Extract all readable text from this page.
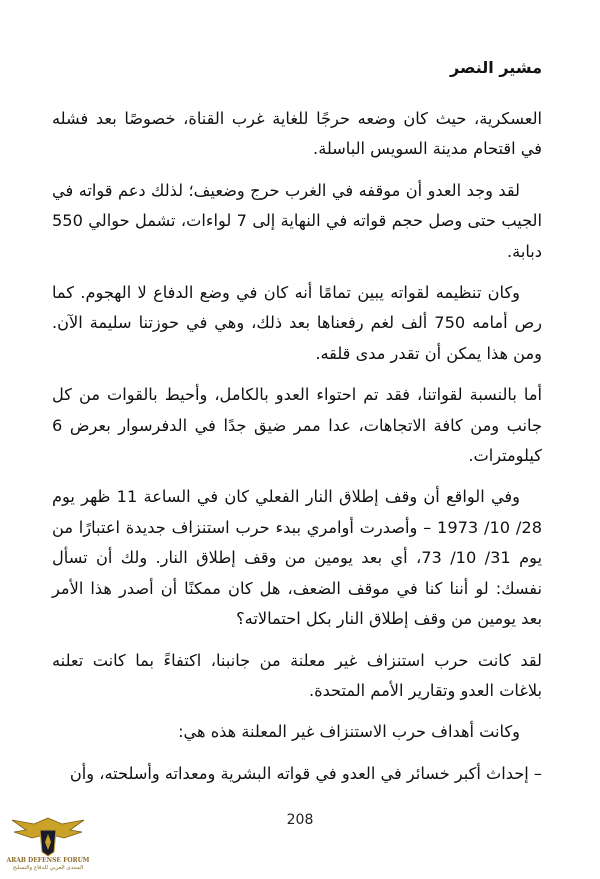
مشير النصر

العسكرية، حيث كان وضعه حرجًا للغاية غرب القناة، خصوصًا بعد فشله في اقتحام مدينة السويس الباسلة.

لقد وجد العدو أن موقفه في الغرب حرج وضعيف؛ لذلك دعم قواته في الجيب حتى وصل حجم قواته في النهاية إلى 7 لواءات، تشمل حوالي 550 دبابة.

وكان تنظيمه لقواته يبين تمامًا أنه كان في وضع الدفاع لا الهجوم. كما رص أمامه 750 ألف لغم رفعناها بعد ذلك، وهي في حوزتنا سليمة الآن. ومن هذا يمكن أن تقدر مدى قلقه.

أما بالنسبة لقواتنا، فقد تم احتواء العدو بالكامل، وأحيط بالقوات من كل جانب ومن كافة الاتجاهات، عدا ممر ضيق جدًا في الدفرسوار بعرض 6 كيلومترات.

وفي الواقع أن وقف إطلاق النار الفعلي كان في الساعة 11 ظهر يوم 28/ 10/ 1973 – وأصدرت أوامري ببدء حرب استنزاف جديدة اعتبارًا من يوم 31/ 10/ 73، أي بعد يومين من وقف إطلاق النار. ولك أن تسأل نفسك: لو أننا كنا في موقف الضعف، هل كان ممكنًا أن أصدر هذا الأمر بعد يومين من وقف إطلاق النار بكل احتمالاته؟

لقد كانت حرب استنزاف غير معلنة من جانبنا، اكتفاءً بما كانت تعلنه بلاغات العدو وتقارير الأمم المتحدة.

وكانت أهداف حرب الاستنزاف غير المعلنة هذه هي:

– إحداث أكبر خسائر في العدو في قواته البشرية ومعداته وأسلحته، وأن

208
ARAB DEFENSE FORUM
المنتدى العربي للدفاع والتسليح
